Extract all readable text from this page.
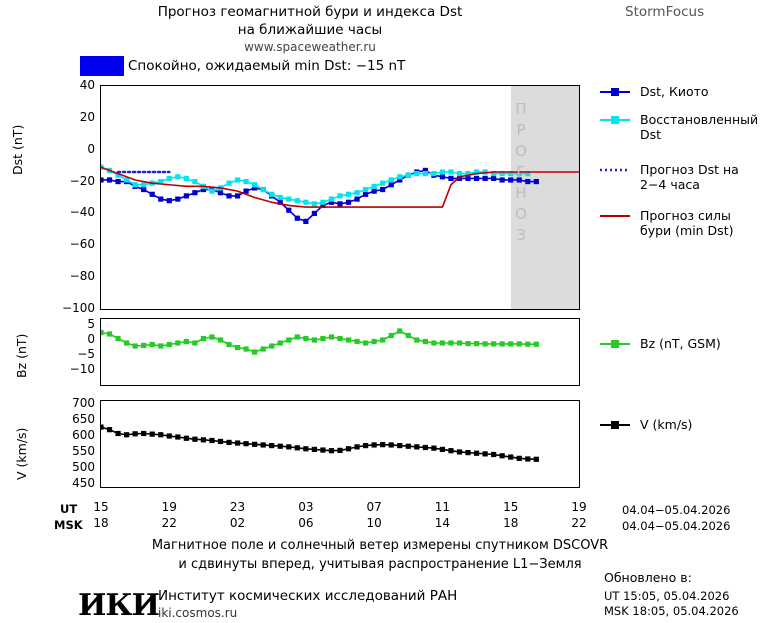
Прогноз геомагнитной бури и индекса Dst
на ближайшие часы
www.spaceweather.ru
StormFocus
Спокойно, ожидаемый min Dst: −15 nT
Dst (nT)	ПРОГНОЗ
40
20
0
−20
−40
−60
−80
−100
Bz (nT)
5
0
−5
−10
V (km/s)
700
650
600
550
500
450
UT
MSK
15	19	23	03	07	11	15	19
18	22	02	06	10	14	18	22
04.04−05.04.2026
04.04−05.04.2026
Dst, Киото
Восстановленный Dst
Прогноз Dst на 2−4 часа
Прогноз силы бури (min Dst)
Bz (nT, GSM)
V (km/s)
Магнитное поле и солнечный ветер измерены спутником DSCOVR
и сдвинуты вперед, учитывая распространение L1−Земля
ИКИ Институт космических исследований РАН
iki.cosmos.ru
Обновлено в:
UT 15:05, 05.04.2026
MSK 18:05, 05.04.2026
